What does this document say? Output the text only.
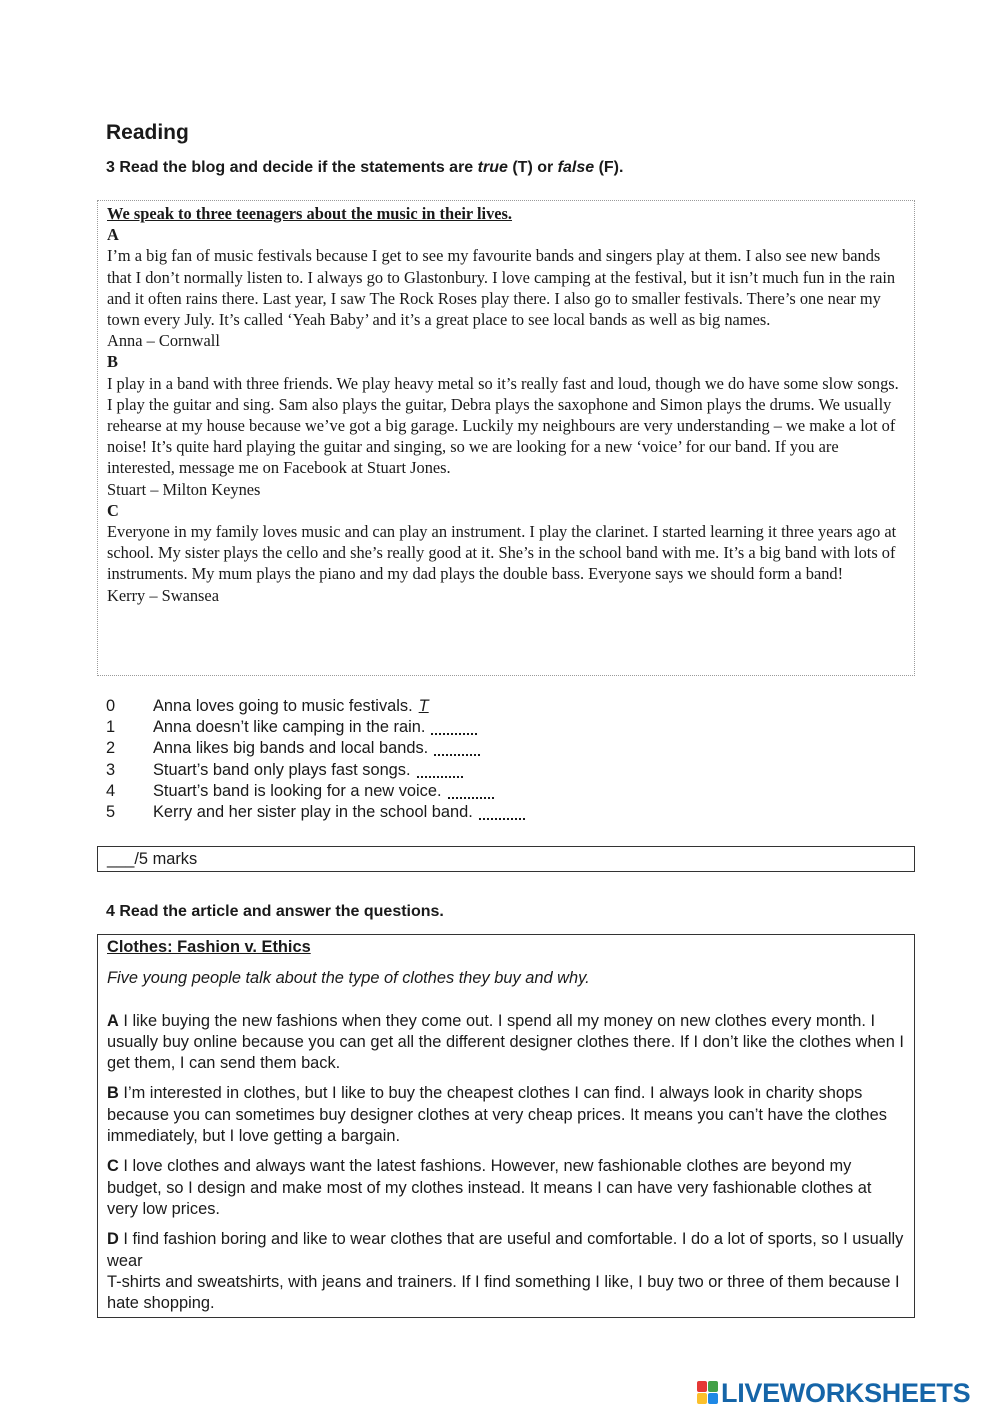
Reading

3 Read the blog and decide if the statements are true (T) or false (F).

We speak to three teenagers about the music in their lives.
A
I’m a big fan of music festivals because I get to see my favourite bands and singers play at them. I also see new bands that I don’t normally listen to. I always go to Glastonbury. I love camping at the festival, but it isn’t much fun in the rain and it often rains there. Last year, I saw The Rock Roses play there. I also go to smaller festivals. There’s one near my town every July. It’s called ‘Yeah Baby’ and it’s a great place to see local bands as well as big names.
Anna – Cornwall
B
I play in a band with three friends. We play heavy metal so it’s really fast and loud, though we do have some slow songs. I play the guitar and sing. Sam also plays the guitar, Debra plays the saxophone and Simon plays the drums. We usually rehearse at my house because we’ve got a big garage. Luckily my neighbours are very understanding – we make a lot of noise! It’s quite hard playing the guitar and singing, so we are looking for a new ‘voice’ for our band. If you are interested, message me on Facebook at Stuart Jones.
Stuart – Milton Keynes
C
Everyone in my family loves music and can play an instrument. I play the clarinet. I started learning it three years ago at school. My sister plays the cello and she’s really good at it. She’s in the school band with me. It’s a big band with lots of instruments. My mum plays the piano and my dad plays the double bass. Everyone says we should form a band!
Kerry – Swansea
0	Anna loves going to music festivals. T
1	Anna doesn’t like camping in the rain.
2	Anna likes big bands and local bands.
3	Stuart’s band only plays fast songs.
4	Stuart’s band is looking for a new voice.
5	Kerry and her sister play in the school band.
___/5 marks

4 Read the article and answer the questions.

Clothes: Fashion v. Ethics
Five young people talk about the type of clothes they buy and why.
A I like buying the new fashions when they come out. I spend all my money on new clothes every month. I usually buy online because you can get all the different designer clothes there. If I don’t like the clothes when I get them, I can send them back.
B I’m interested in clothes, but I like to buy the cheapest clothes I can find. I always look in charity shops because you can sometimes buy designer clothes at very cheap prices. It means you can’t have the clothes immediately, but I love getting a bargain.
C I love clothes and always want the latest fashions. However, new fashionable clothes are beyond my budget, so I design and make most of my clothes instead. It means I can have very fashionable clothes at very low prices.
D I find fashion boring and like to wear clothes that are useful and comfortable. I do a lot of sports, so I usually wear
T-shirts and sweatshirts, with jeans and trainers. If I find something I like, I buy two or three of them because I hate shopping.
LIVEWORKSHEETS
